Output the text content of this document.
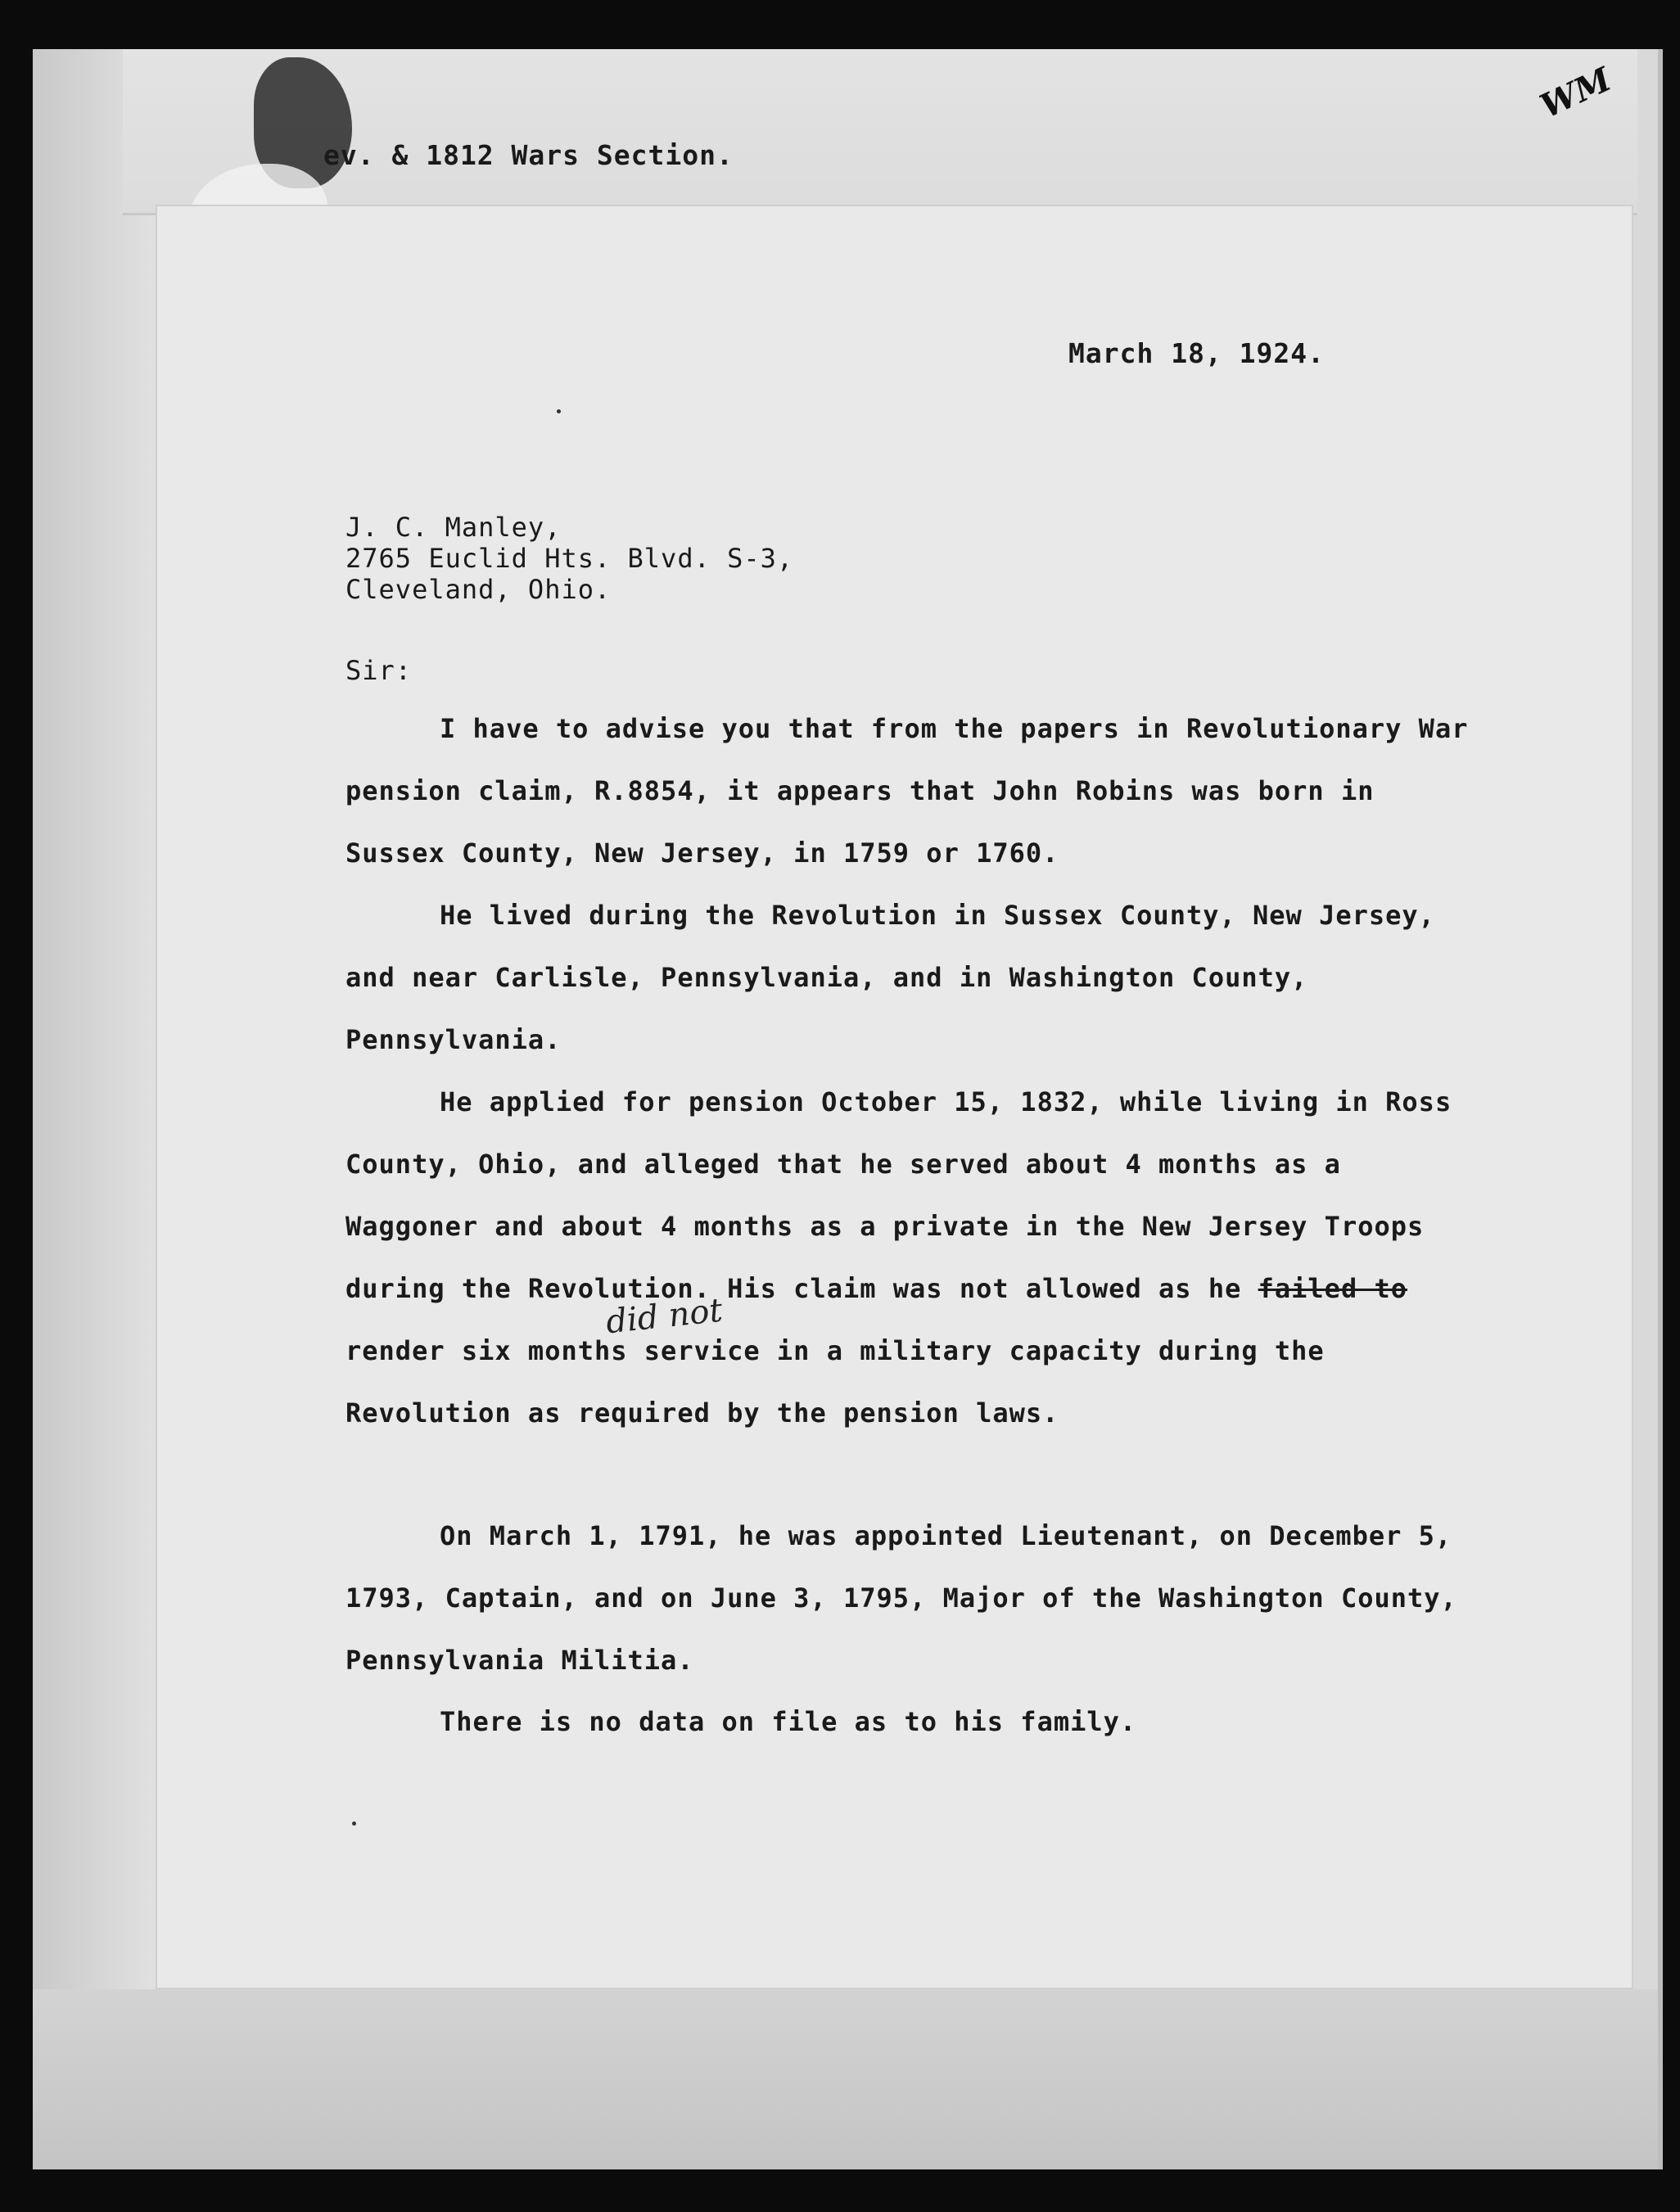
ev. & 1812 Wars Section.
WM
March 18, 1924.
J. C. Manley,
2765 Euclid Hts. Blvd. S-3,
Cleveland, Ohio.
Sir:
I have to advise you that from the papers in Revolutionary War pension claim, R.8854, it appears that John Robins was born in Sussex County, New Jersey, in 1759 or 1760.
He lived during the Revolution in Sussex County, New Jersey, and near Carlisle, Pennsylvania, and in Washington County, Pennsylvania.
He applied for pension October 15, 1832, while living in Ross County, Ohio, and alleged that he served about 4 months as a Waggoner and about 4 months as a private in the New Jersey Troops during the Revolution. His claim was not allowed as he failed to render six months service in a military capacity during the Revolution as required by the pension laws.
did not
On March 1, 1791, he was appointed Lieutenant, on December 5, 1793, Captain, and on June 3, 1795, Major of the Washington County, Pennsylvania Militia.
There is no data on file as to his family.
